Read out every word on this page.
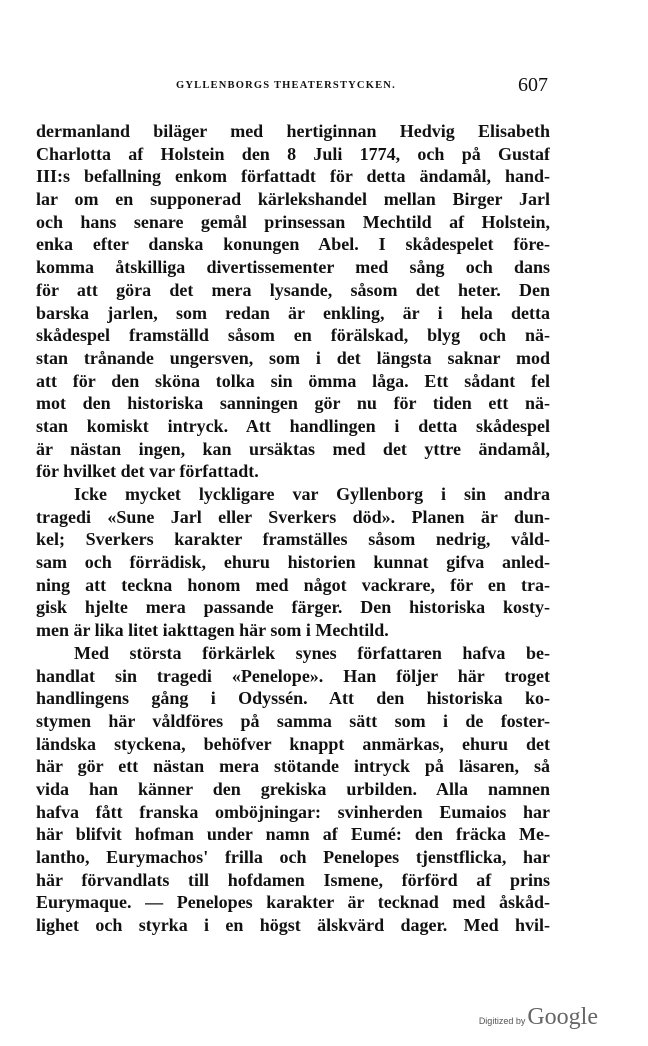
GYLLENBORGS THEATERSTYCKEN.	607
dermanland biläger med hertiginnan Hedvig Elisabeth
Charlotta af Holstein den 8 Juli 1774, och på Gustaf
III:s befallning enkom författadt för detta ändamål, hand-
lar om en supponerad kärlekshandel mellan Birger Jarl
och hans senare gemål prinsessan Mechtild af Holstein,
enka efter danska konungen Abel. I skådespelet före-
komma åtskilliga divertissementer med sång och dans
för att göra det mera lysande, såsom det heter. Den
barska jarlen, som redan är enkling, är i hela detta
skådespel framställd såsom en förälskad, blyg och nä-
stan trånande ungersven, som i det längsta saknar mod
att för den sköna tolka sin ömma låga. Ett sådant fel
mot den historiska sanningen gör nu för tiden ett nä-
stan komiskt intryck. Att handlingen i detta skådespel
är nästan ingen, kan ursäktas med det yttre ändamål,
för hvilket det var författadt.
Icke mycket lyckligare var Gyllenborg i sin andra
tragedi «Sune Jarl eller Sverkers död». Planen är dun-
kel; Sverkers karakter framställes såsom nedrig, våld-
sam och förrädisk, ehuru historien kunnat gifva anled-
ning att teckna honom med något vackrare, för en tra-
gisk hjelte mera passande färger. Den historiska kosty-
men är lika litet iakttagen här som i Mechtild.
Med största förkärlek synes författaren hafva be-
handlat sin tragedi «Penelope». Han följer här troget
handlingens gång i Odyssén. Att den historiska ko-
stymen här våldföres på samma sätt som i de foster-
ländska styckena, behöfver knappt anmärkas, ehuru det
här gör ett nästan mera stötande intryck på läsaren, så
vida han känner den grekiska urbilden. Alla namnen
hafva fått franska omböjningar: svinherden Eumaios har
här blifvit hofman under namn af Eumé: den fräcka Me-
lantho, Eurymachos' frilla och Penelopes tjenstflicka, har
här förvandlats till hofdamen Ismene, förförd af prins
Eurymaque. — Penelopes karakter är tecknad med åskåd-
lighet och styrka i en högst älskvärd dager. Med hvil-
Digitized by Google
